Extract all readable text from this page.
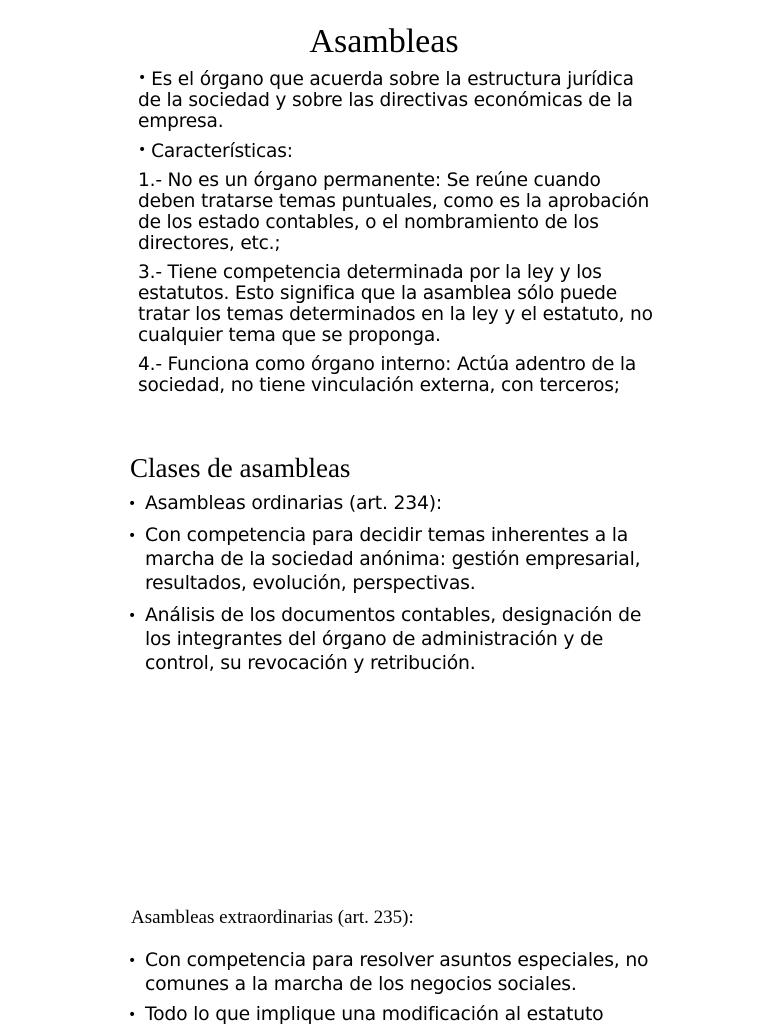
Asambleas
• Es el órgano que acuerda sobre la estructura jurídica de la sociedad y sobre las directivas económicas de la empresa.
• Características:
1.- No es un órgano permanente: Se reúne cuando deben tratarse temas puntuales, como es la aprobación de los estado contables, o el nombramiento de los directores, etc.;
3.- Tiene competencia determinada por la ley y los estatutos. Esto significa que la asamblea sólo puede tratar los temas determinados en la ley y el estatuto, no cualquier tema que se proponga.
4.- Funciona como órgano interno: Actúa adentro de la sociedad, no tiene vinculación externa, con terceros;
Clases de asambleas
• Asambleas ordinarias (art. 234):
• Con competencia para decidir temas inherentes a la marcha de la sociedad anónima: gestión empresarial, resultados, evolución, perspectivas.
• Análisis de los documentos contables, designación de los integrantes del órgano de administración y de control, su revocación y retribución.
Asambleas extraordinarias (art. 235):
• Con competencia para resolver asuntos especiales, no comunes a la marcha de los negocios sociales.
• Todo lo que implique una modificación al estatuto
